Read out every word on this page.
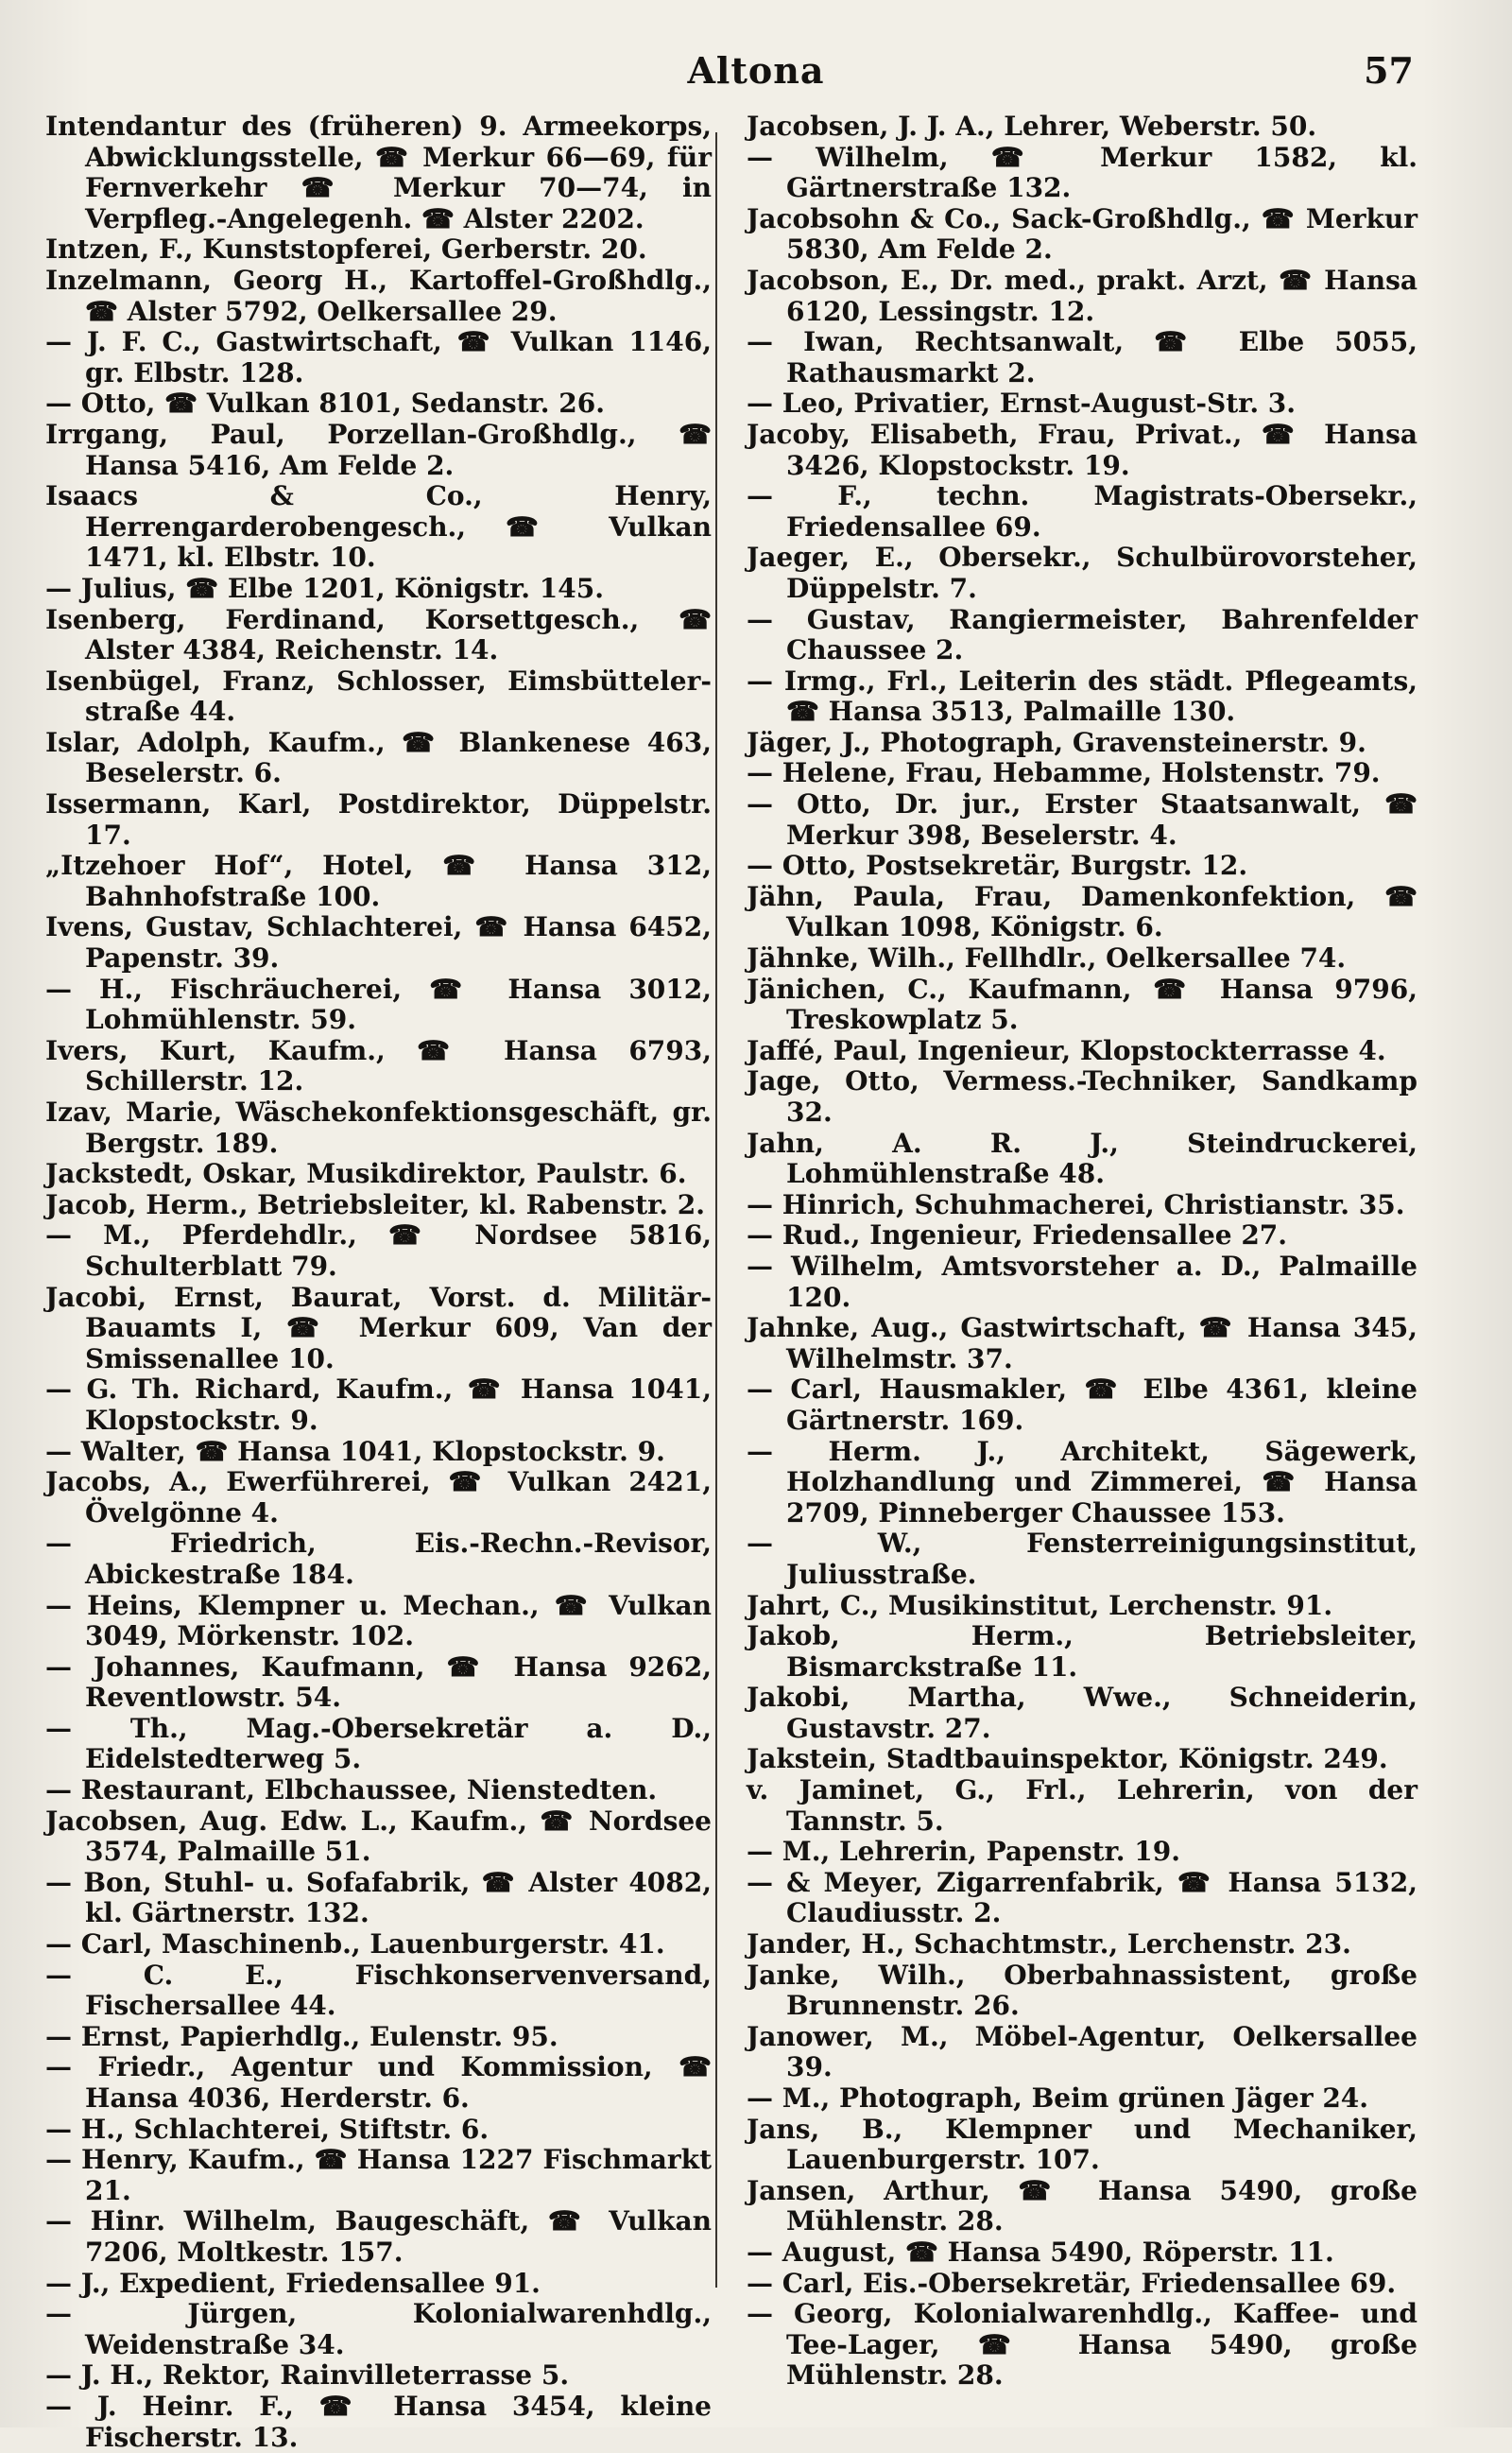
Altona	57

Intendantur des (früheren) 9. Armeekorps, Abwicklungsstelle, ☎ Merkur 66—69, für Fernverkehr ☎ Merkur 70—74, in Verpfleg.-Angelegenh. ☎ Alster 2202.

Intzen, F., Kunststopferei, Gerberstr. 20.

Inzelmann, Georg H., Kartoffel-Großhdlg., ☎ Alster 5792, Oelkersallee 29.

— J. F. C., Gastwirtschaft, ☎ Vulkan 1146, gr. Elbstr. 128.

— Otto, ☎ Vulkan 8101, Sedanstr. 26.

Irrgang, Paul, Porzellan-Großhdlg., ☎ Hansa 5416, Am Felde 2.

Isaacs & Co., Henry, Herrengarderobengesch., ☎ Vulkan 1471, kl. Elbstr. 10.

— Julius, ☎ Elbe 1201, Königstr. 145.

Isenberg, Ferdinand, Korsettgesch., ☎ Alster 4384, Reichenstr. 14.

Isenbügel, Franz, Schlosser, Eimsbütteler-straße 44.

Islar, Adolph, Kaufm., ☎ Blankenese 463, Beselerstr. 6.

Issermann, Karl, Postdirektor, Düppelstr. 17.

„Itzehoer Hof“, Hotel, ☎ Hansa 312, Bahnhofstraße 100.

Ivens, Gustav, Schlachterei, ☎ Hansa 6452, Papenstr. 39.

— H., Fischräucherei, ☎ Hansa 3012, Lohmühlenstr. 59.

Ivers, Kurt, Kaufm., ☎ Hansa 6793, Schillerstr. 12.

Izav, Marie, Wäschekonfektionsgeschäft, gr. Bergstr. 189.

Jackstedt, Oskar, Musikdirektor, Paulstr. 6.

Jacob, Herm., Betriebsleiter, kl. Rabenstr. 2.

— M., Pferdehdlr., ☎ Nordsee 5816, Schulterblatt 79.

Jacobi, Ernst, Baurat, Vorst. d. Militär-Bauamts I, ☎ Merkur 609, Van der Smissenallee 10.

— G. Th. Richard, Kaufm., ☎ Hansa 1041, Klopstockstr. 9.

— Walter, ☎ Hansa 1041, Klopstockstr. 9.

Jacobs, A., Ewerführerei, ☎ Vulkan 2421, Övelgönne 4.

— Friedrich, Eis.-Rechn.-Revisor, Abickestraße 184.

— Heins, Klempner u. Mechan., ☎ Vulkan 3049, Mörkenstr. 102.

— Johannes, Kaufmann, ☎ Hansa 9262, Reventlowstr. 54.

— Th., Mag.-Obersekretär a. D., Eidelstedterweg 5.

— Restaurant, Elbchaussee, Nienstedten.

Jacobsen, Aug. Edw. L., Kaufm., ☎ Nordsee 3574, Palmaille 51.

— Bon, Stuhl- u. Sofafabrik, ☎ Alster 4082, kl. Gärtnerstr. 132.

— Carl, Maschinenb., Lauenburgerstr. 41.

— C. E., Fischkonservenversand, Fischersallee 44.

— Ernst, Papierhdlg., Eulenstr. 95.

— Friedr., Agentur und Kommission, ☎ Hansa 4036, Herderstr. 6.

— H., Schlachterei, Stiftstr. 6.

— Henry, Kaufm., ☎ Hansa 1227 Fischmarkt 21.

— Hinr. Wilhelm, Baugeschäft, ☎ Vulkan 7206, Moltkestr. 157.

— J., Expedient, Friedensallee 91.

— Jürgen, Kolonialwarenhdlg., Weidenstraße 34.

— J. H., Rektor, Rainvilleterrasse 5.

— J. Heinr. F., ☎ Hansa 3454, kleine Fischerstr. 13.

Jacobsen, J. J. A., Lehrer, Weberstr. 50.

— Wilhelm, ☎ Merkur 1582, kl. Gärtnerstraße 132.

Jacobsohn & Co., Sack-Großhdlg., ☎ Merkur 5830, Am Felde 2.

Jacobson, E., Dr. med., prakt. Arzt, ☎ Hansa 6120, Lessingstr. 12.

— Iwan, Rechtsanwalt, ☎ Elbe 5055, Rathausmarkt 2.

— Leo, Privatier, Ernst-August-Str. 3.

Jacoby, Elisabeth, Frau, Privat., ☎ Hansa 3426, Klopstockstr. 19.

— F., techn. Magistrats-Obersekr., Friedensallee 69.

Jaeger, E., Obersekr., Schulbürovorsteher, Düppelstr. 7.

— Gustav, Rangiermeister, Bahrenfelder Chaussee 2.

— Irmg., Frl., Leiterin des städt. Pflegeamts, ☎ Hansa 3513, Palmaille 130.

Jäger, J., Photograph, Gravensteinerstr. 9.

— Helene, Frau, Hebamme, Holstenstr. 79.

— Otto, Dr. jur., Erster Staatsanwalt, ☎ Merkur 398, Beselerstr. 4.

— Otto, Postsekretär, Burgstr. 12.

Jähn, Paula, Frau, Damenkonfektion, ☎ Vulkan 1098, Königstr. 6.

Jähnke, Wilh., Fellhdlr., Oelkersallee 74.

Jänichen, C., Kaufmann, ☎ Hansa 9796, Treskowplatz 5.

Jaffé, Paul, Ingenieur, Klopstockterrasse 4.

Jage, Otto, Vermess.-Techniker, Sandkamp 32.

Jahn, A. R. J., Steindruckerei, Lohmühlenstraße 48.

— Hinrich, Schuhmacherei, Christianstr. 35.

— Rud., Ingenieur, Friedensallee 27.

— Wilhelm, Amtsvorsteher a. D., Palmaille 120.

Jahnke, Aug., Gastwirtschaft, ☎ Hansa 345, Wilhelmstr. 37.

— Carl, Hausmakler, ☎ Elbe 4361, kleine Gärtnerstr. 169.

— Herm. J., Architekt, Sägewerk, Holzhandlung und Zimmerei, ☎ Hansa 2709, Pinneberger Chaussee 153.

— W., Fensterreinigungsinstitut, Juliusstraße.

Jahrt, C., Musikinstitut, Lerchenstr. 91.

Jakob, Herm., Betriebsleiter, Bismarckstraße 11.

Jakobi, Martha, Wwe., Schneiderin, Gustavstr. 27.

Jakstein, Stadtbauinspektor, Königstr. 249.

v. Jaminet, G., Frl., Lehrerin, von der Tannstr. 5.

— M., Lehrerin, Papenstr. 19.

— & Meyer, Zigarrenfabrik, ☎ Hansa 5132, Claudiusstr. 2.

Jander, H., Schachtmstr., Lerchenstr. 23.

Janke, Wilh., Oberbahnassistent, große Brunnenstr. 26.

Janower, M., Möbel-Agentur, Oelkersallee 39.

— M., Photograph, Beim grünen Jäger 24.

Jans, B., Klempner und Mechaniker, Lauenburgerstr. 107.

Jansen, Arthur, ☎ Hansa 5490, große Mühlenstr. 28.

— August, ☎ Hansa 5490, Röperstr. 11.

— Carl, Eis.-Obersekretär, Friedensallee 69.

— Georg, Kolonialwarenhdlg., Kaffee- und Tee-Lager, ☎ Hansa 5490, große Mühlenstr. 28.
